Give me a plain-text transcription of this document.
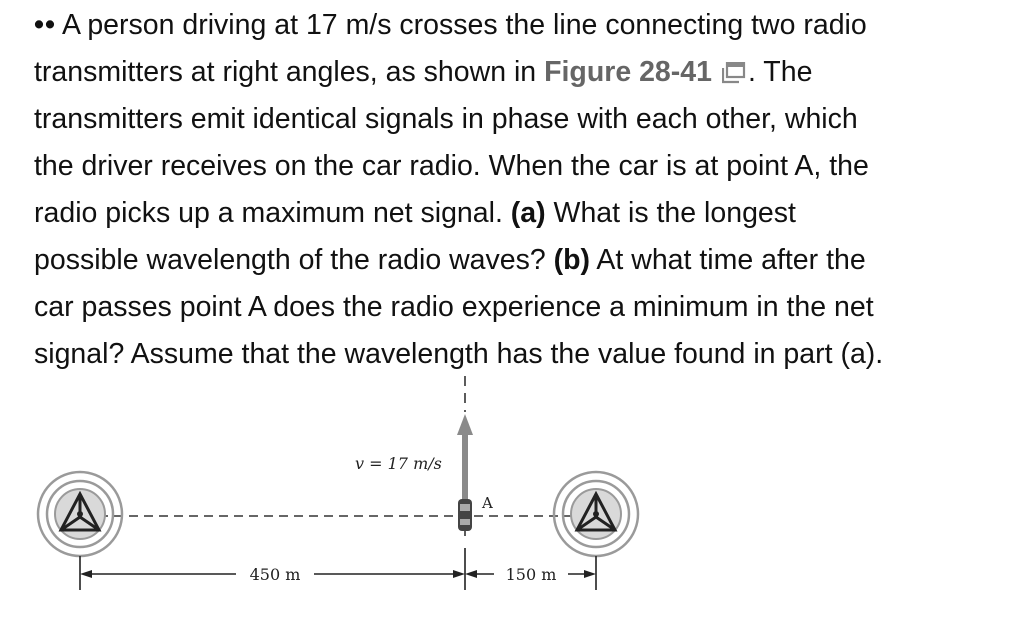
•• A person driving at 17 m/s crosses the line connecting two radio
transmitters at right angles, as shown in Figure 28-41 . The
transmitters emit identical signals in phase with each other, which
the driver receives on the car radio. When the car is at point A, the
radio picks up a maximum net signal. (a) What is the longest
possible wavelength of the radio waves? (b) At what time after the
car passes point A does the radio experience a minimum in the net
signal? Assume that the wavelength has the value found in part (a).
A
v = 17 m/s
450 m	150 m
